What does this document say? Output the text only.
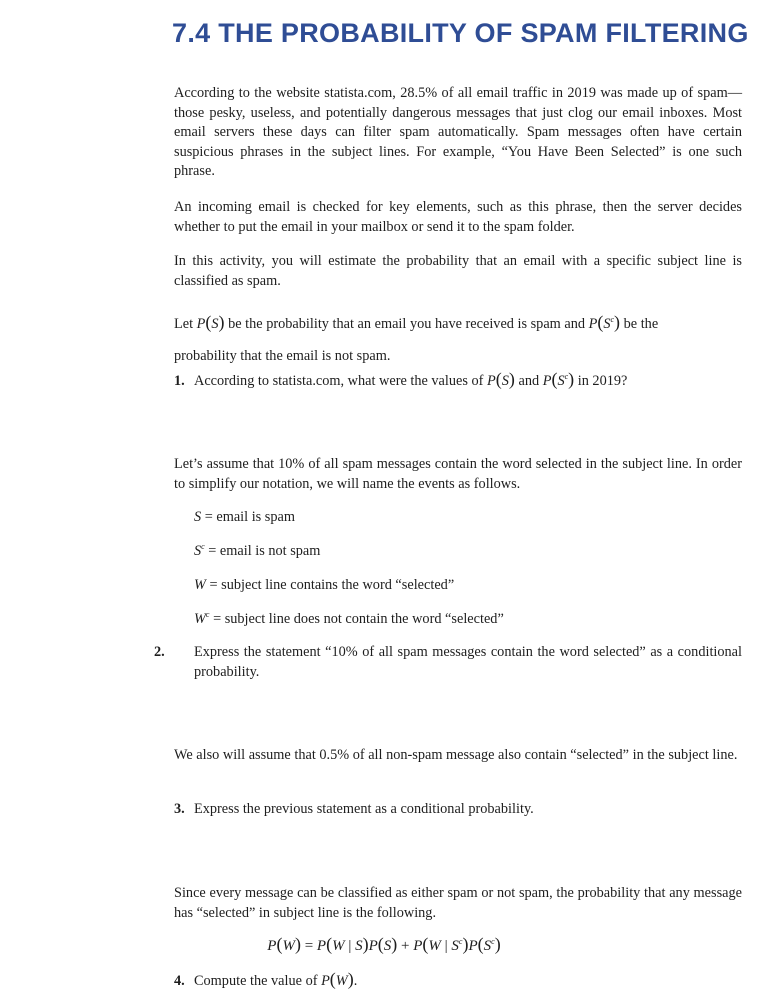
7.4 THE PROBABILITY OF SPAM FILTERING
According to the website statista.com, 28.5% of all email traffic in 2019 was made up of spam—those pesky, useless, and potentially dangerous messages that just clog our email inboxes. Most email servers these days can filter spam automatically. Spam messages often have certain suspicious phrases in the subject lines. For example, “You Have Been Selected” is one such phrase.
An incoming email is checked for key elements, such as this phrase, then the server decides whether to put the email in your mailbox or send it to the spam folder.
In this activity, you will estimate the probability that an email with a specific subject line is classified as spam.
Let P(S) be the probability that an email you have received is spam and $P(S^c)$ be the
probability that the email is not spam.
1. According to statista.com, what were the values of P(S) and $P(S^c)$ in 2019?
Let’s assume that 10% of all spam messages contain the word selected in the subject line. In order to simplify our notation, we will name the events as follows.
S = email is spam
$S^c$ = email is not spam
W = subject line contains the word “selected”
$W^c$ = subject line does not contain the word “selected”
2. Express the statement “10% of all spam messages contain the word selected” as a conditional probability.
We also will assume that 0.5% of all non-spam message also contain “selected” in the subject line.
3. Express the previous statement as a conditional probability.
Since every message can be classified as either spam or not spam, the probability that any message has “selected” in subject line is the following.
P(W) = P(W | S)P(S) + P(W | $S^c)P(S^c)$
4. Compute the value of P(W).
